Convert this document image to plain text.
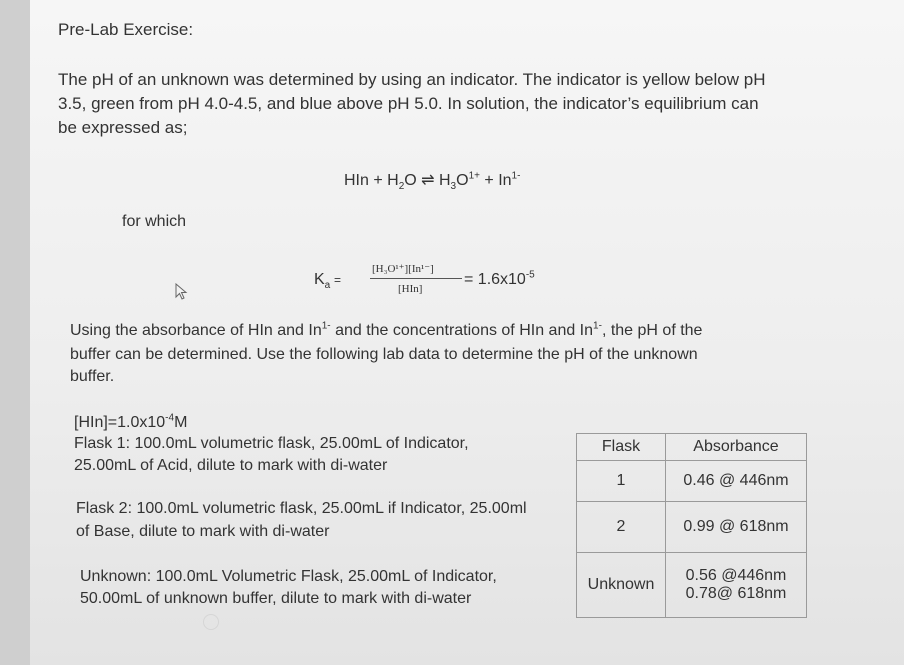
Pre-Lab Exercise:
The pH of an unknown was determined by using an indicator. The indicator is yellow below pH
3.5, green from pH 4.0-4.5, and blue above pH 5.0. In solution, the indicator’s equilibrium can
be expressed as;
HIn + $H_2O$ ⇌ $H_3O^{1+} + In^{1-}$
for which
$K_a$ =
[H₃O¹⁺][In¹⁻]
[HIn]
= $1.6x10^{-5}$
Using the absorbance of HIn and $In^{1-}$ and the concentrations of HIn and $In^{1-}$, the pH of the
buffer can be determined. Use the following lab data to determine the pH of the unknown
buffer.
$[HIn]=1.0x10^{-4}M$
Flask 1: 100.0mL volumetric flask, 25.00mL of Indicator,
25.00mL of Acid, dilute to mark with di-water
Flask 2: 100.0mL volumetric flask, 25.00mL if Indicator, 25.00ml
of Base, dilute to mark with di-water
Unknown: 100.0mL Volumetric Flask, 25.00mL of Indicator,
50.00mL of unknown buffer, dilute to mark with di-water
Flask	Absorbance
1	0.46 @ 446nm
2	0.99 @ 618nm
Unknown	0.56 @446nm
0.78@ 618nm
